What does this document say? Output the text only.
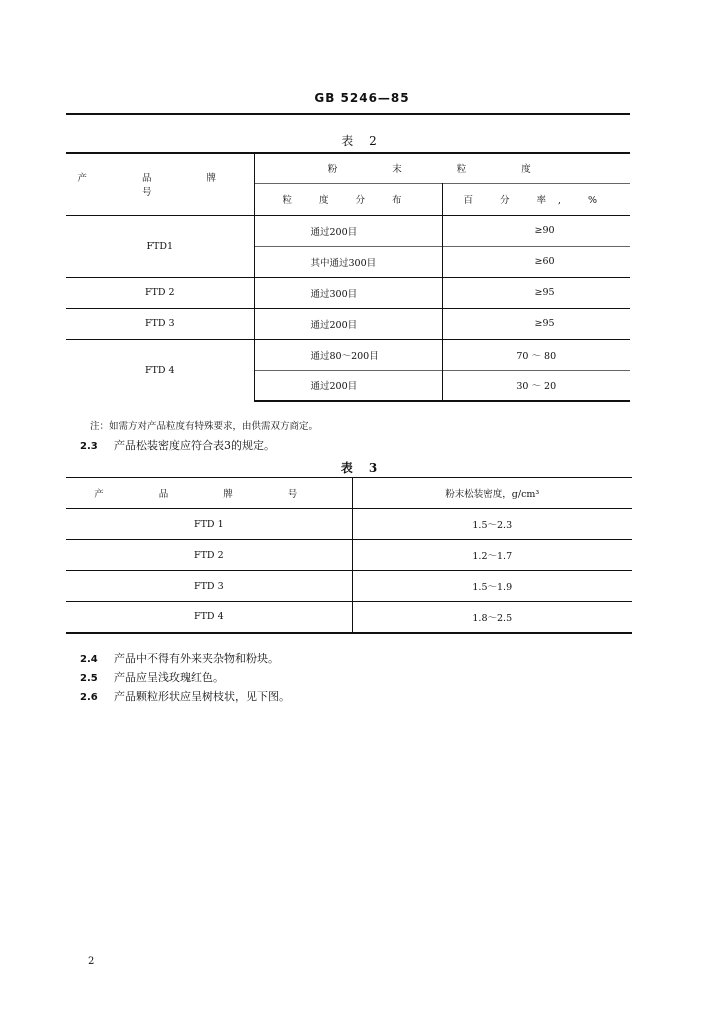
GB 5246—85
表 2
产 品 牌 号	粉 末 粒 度	
	粒 度 分 布	百 分 率, %
FTD1	通过200目	≥90
	其中通过300目	≥60
FTD 2	通过300目	≥95
FTD 3	通过200目	≥95
FTD 4	通过80～200目	70 ～ 80
	通过200目	30 ～ 20
注：如需方对产品粒度有特殊要求，由供需双方商定。
2.3 产品松装密度应符合表3的规定。
表 3
产 品 牌 号	粉末松装密度，g/cm³
FTD 1	1.5～2.3
FTD 2	1.2～1.7
FTD 3	1.5～1.9
FTD 4	1.8～2.5
2.4 产品中不得有外来夹杂物和粉块。
2.5 产品应呈浅玫瑰红色。
2.6 产品颗粒形状应呈树枝状，见下图。
2
